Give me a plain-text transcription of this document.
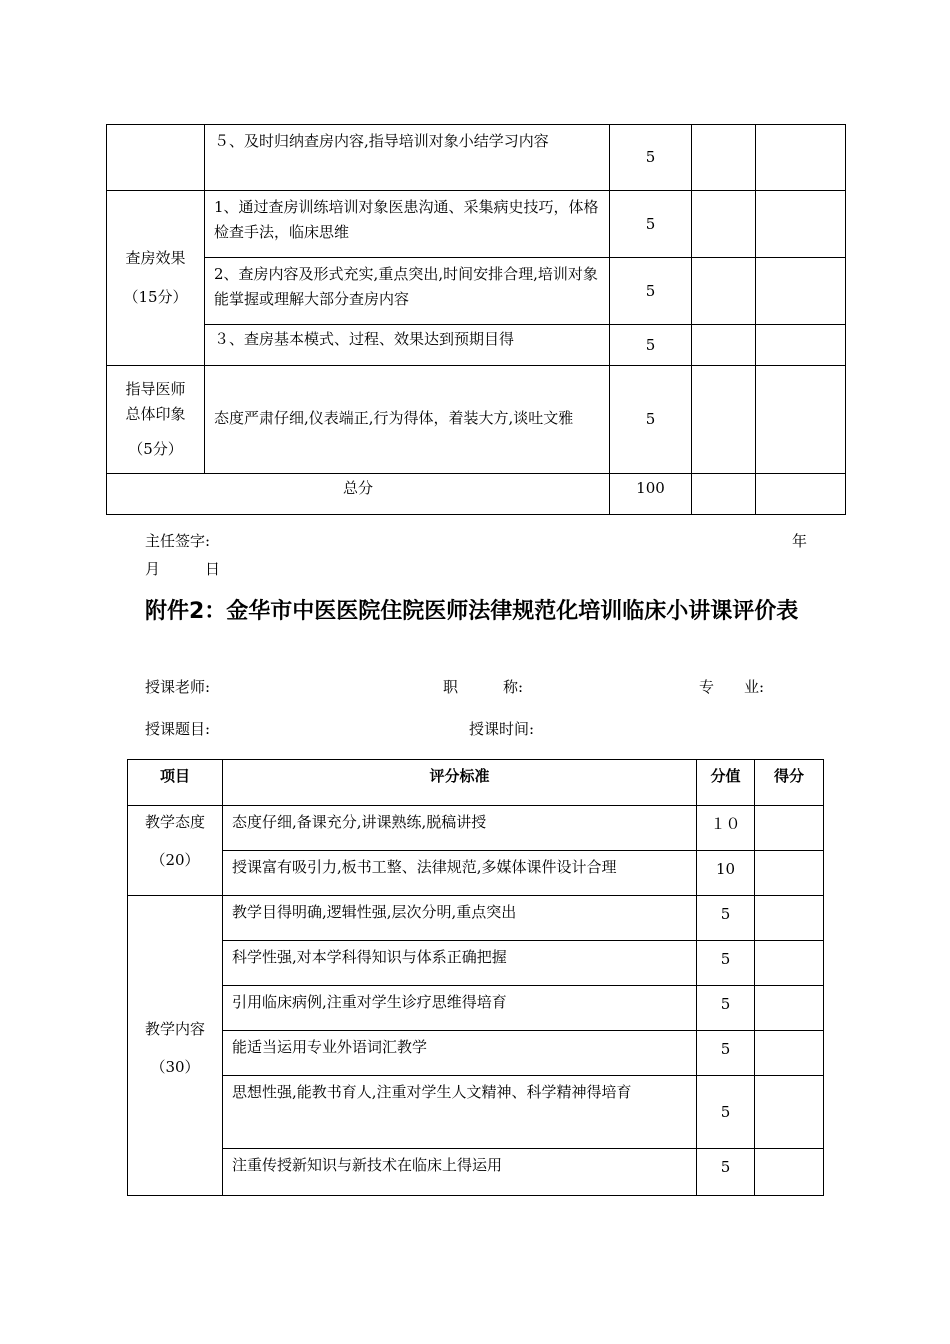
	５、及时归纳查房内容,指导培训对象小结学习内容	5		
查房效果
（15分）	1、通过查房训练培训对象医患沟通、采集病史技巧，体格检查手法，临床思维	5		
	2、查房内容及形式充实,重点突出,时间安排合理,培训对象能掌握或理解大部分查房内容	5		
	３、查房基本模式、过程、效果达到预期目得	5		
指导医师
总体印象
（5分）	态度严肃仔细,仪表端正,行为得体，着装大方,谈吐文雅	5		
总分		100		
主任签字:	年
月　　　日
附件2：金华市中医医院住院医师法律规范化培训临床小讲课评价表
授课老师:	职　　　称:	专　　业:
授课题目:	授课时间:
项目	评分标准	分值	得分
教学态度
（20）	态度仔细,备课充分,讲课熟练,脱稿讲授	１０	
	授课富有吸引力,板书工整、法律规范,多媒体课件设计合理	10	
教学内容
（30）	教学目得明确,逻辑性强,层次分明,重点突出	5	
	科学性强,对本学科得知识与体系正确把握	5	
	引用临床病例,注重对学生诊疗思维得培育	5	
	能适当运用专业外语词汇教学	5	
	思想性强,能教书育人,注重对学生人文精神、科学精神得培育	5	
	注重传授新知识与新技术在临床上得运用	5	
